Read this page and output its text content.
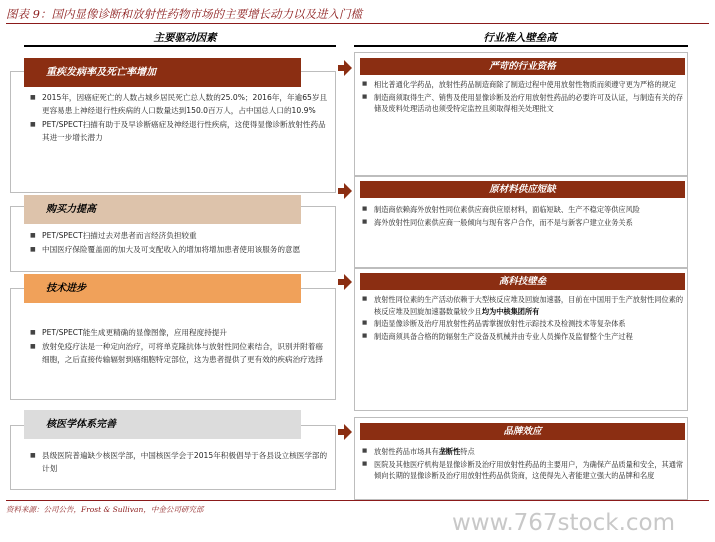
图表 9：国内显像诊断和放射性药物市场的主要增长动力以及进入门槛
主要驱动因素	行业准入壁垒高
重疾发病率及死亡率增加

■ 2015年，因癌症死亡的人数占城乡居民死亡总人数的25.0%；2016年，年逾65岁且更容易患上神经退行性疾病的人口数量达到150.0百万人，占中国总人口的10.9%

■ PET/SPECT扫描有助于及早诊断癌症及神经退行性疾病，这使得显像诊断放射性药品其进一步增长潜力

购买力提高

■ PET/SPECT扫描过去对患者而言经济负担较重

■ 中国医疗保险覆盖面的加大及可支配收入的增加将增加患者使用该服务的意愿

技术进步

■ PET/SPECT能生成更精确的显像图像，应用程度持提升

■ 放射免疫疗法是一种定向治疗，可将单克隆抗体与放射性同位素结合，识别并附着癌细胞，之后直接传输辐射到癌细胞特定部位，这为患者提供了更有效的疾病治疗选择

核医学体系完善

■ 县级医院普遍缺少核医学部，中国核医学会于2015年积极倡导于各县设立核医学部的计划

严苛的行业资格

■ 相比普通化学药品，放射性药品制造商除了制造过程中使用放射性物质而须遵守更为严格的规定

■ 制造商须取得生产、销售及使用显像诊断及治疗用放射性药品的必要许可及认证，与制造有关的存储及废料处理活动也须受特定监控且须取得相关处理批文

原材料供应短缺

■ 制造商依赖海外放射性同位素供应商供应原材料，面临短缺、生产不稳定等供应风险

■ 海外放射性同位素供应商一般倾向与现有客户合作，而不是与新客户建立业务关系

高科技壁垒

■ 放射性同位素的生产活动依赖于大型核反应堆及回旋加速器，目前在中国用于生产放射性同位素的核反应堆及回旋加速器数量较少且均为中核集团所有

■ 制造显像诊断及治疗用放射性药品需掌握放射性示踪技术及检测技术等复杂体系

■ 制造商须具备合格的防辐射生产设备及机械并由专业人员操作及监督整个生产过程

品牌效应

■ 放射性药品市场具有垄断性特点

■ 医院及其他医疗机构是显像诊断及治疗用放射性药品的主要用户，为确保产品质量和安全，其通常倾向长期的显像诊断及治疗用放射性药品供货商，这使得先入者能建立强大的品牌和名度

资料来源：公司公告，Frost & Sullivan，中金公司研究部
www.767stock.com
